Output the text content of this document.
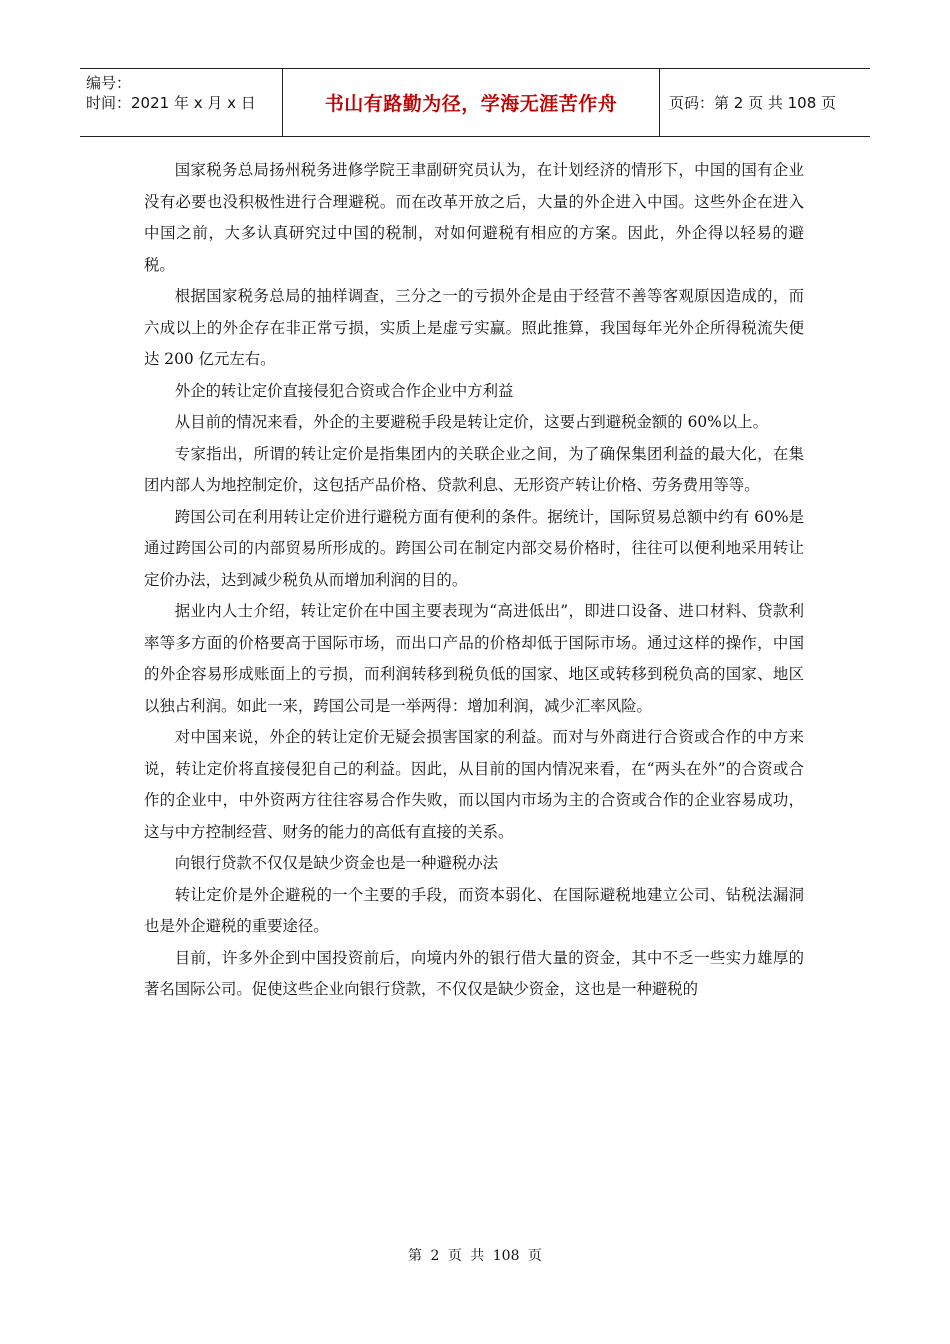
编号：
时间：2021 年 x 月 x 日	书山有路勤为径，学海无涯苦作舟	页码：第 2 页 共 108 页

国家税务总局扬州税务进修学院王聿副研究员认为，在计划经济的情形下，中国的国有企业没有必要也没积极性进行合理避税。而在改革开放之后，大量的外企进入中国。这些外企在进入中国之前，大多认真研究过中国的税制，对如何避税有相应的方案。因此，外企得以轻易的避税。

根据国家税务总局的抽样调查，三分之一的亏损外企是由于经营不善等客观原因造成的，而六成以上的外企存在非正常亏损，实质上是虚亏实赢。照此推算，我国每年光外企所得税流失便达 200 亿元左右。

外企的转让定价直接侵犯合资或合作企业中方利益

从目前的情况来看，外企的主要避税手段是转让定价，这要占到避税金额的 60%以上。

专家指出，所谓的转让定价是指集团内的关联企业之间，为了确保集团利益的最大化，在集团内部人为地控制定价，这包括产品价格、贷款利息、无形资产转让价格、劳务费用等等。

跨国公司在利用转让定价进行避税方面有便利的条件。据统计，国际贸易总额中约有 60%是通过跨国公司的内部贸易所形成的。跨国公司在制定内部交易价格时，往往可以便利地采用转让定价办法，达到减少税负从而增加利润的目的。

据业内人士介绍，转让定价在中国主要表现为“高进低出”，即进口设备、进口材料、贷款利率等多方面的价格要高于国际市场，而出口产品的价格却低于国际市场。通过这样的操作，中国的外企容易形成账面上的亏损，而利润转移到税负低的国家、地区或转移到税负高的国家、地区以独占利润。如此一来，跨国公司是一举两得：增加利润，减少汇率风险。

对中国来说，外企的转让定价无疑会损害国家的利益。而对与外商进行合资或合作的中方来说，转让定价将直接侵犯自己的利益。因此，从目前的国内情况来看，在“两头在外”的合资或合作的企业中，中外资两方往往容易合作失败，而以国内市场为主的合资或合作的企业容易成功，这与中方控制经营、财务的能力的高低有直接的关系。

向银行贷款不仅仅是缺少资金也是一种避税办法

转让定价是外企避税的一个主要的手段，而资本弱化、在国际避税地建立公司、钻税法漏洞也是外企避税的重要途径。

目前，许多外企到中国投资前后，向境内外的银行借大量的资金，其中不乏一些实力雄厚的著名国际公司。促使这些企业向银行贷款，不仅仅是缺少资金，这也是一种避税的

第 2 页 共 108 页
